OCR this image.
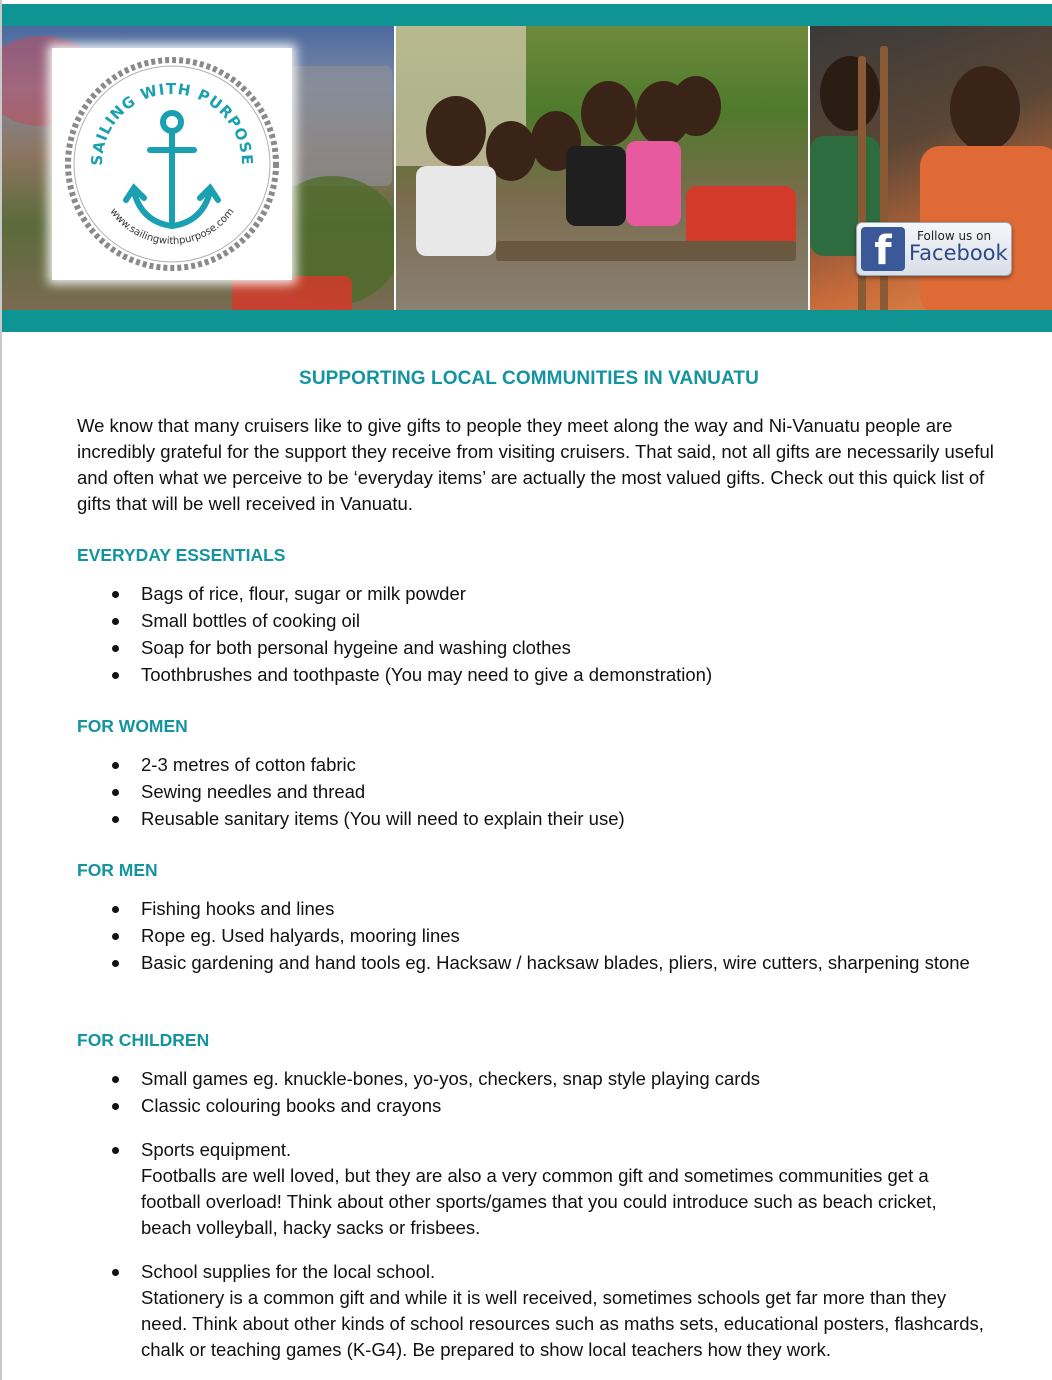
SAILING WITH PURPOSE
www.sailingwithpurpose.com
f	Follow us on
Facebook
SUPPORTING LOCAL COMMUNITIES IN VANUATU

We know that many cruisers like to give gifts to people they meet along the way and Ni-Vanuatu people are incredibly grateful for the support they receive from visiting cruisers. That said, not all gifts are necessarily useful and often what we perceive to be ‘everyday items’ are actually the most valued gifts. Check out this quick list of gifts that will be well received in Vanuatu.

EVERYDAY ESSENTIALS
Bags of rice, flour, sugar or milk powder
Small bottles of cooking oil
Soap for both personal hygeine and washing clothes
Toothbrushes and toothpaste (You may need to give a demonstration)
FOR WOMEN
2-3 metres of cotton fabric
Sewing needles and thread
Reusable sanitary items (You will need to explain their use)
FOR MEN
Fishing hooks and lines
Rope eg. Used halyards, mooring lines
Basic gardening and hand tools eg. Hacksaw / hacksaw blades, pliers, wire cutters, sharpening stone
FOR CHILDREN
Small games eg. knuckle-bones, yo-yos, checkers, snap style playing cards
Classic colouring books and crayons
Sports equipment.
Footballs are well loved, but they are also a very common gift and sometimes communities get a football overload! Think about other sports/games that you could introduce such as beach cricket, beach volleyball, hacky sacks or frisbees.
School supplies for the local school.
Stationery is a common gift and while it is well received, sometimes schools get far more than they need. Think about other kinds of school resources such as maths sets, educational posters, flashcards, chalk or teaching games (K-G4). Be prepared to show local teachers how they work.
